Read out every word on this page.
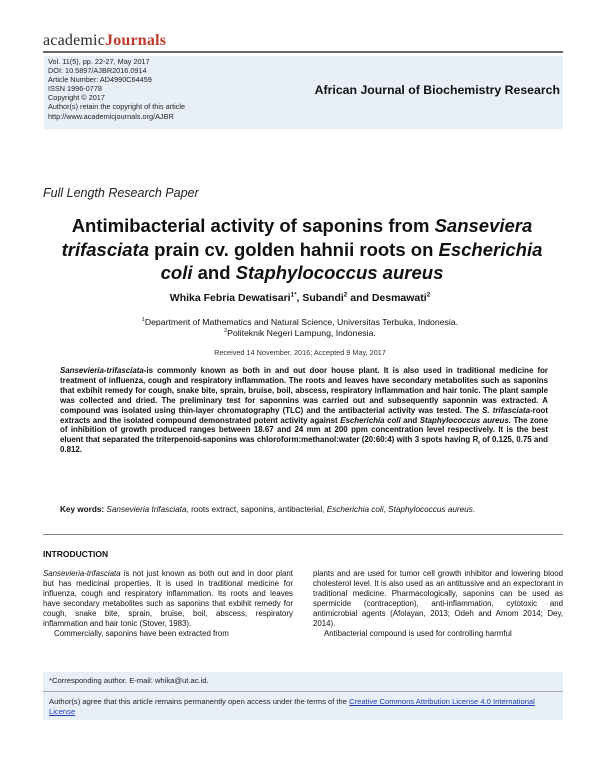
academicJournals
Vol. 11(5), pp. 22-27, May 2017
DOI: 10.5897/AJBR2016.0914
Article Number: AD4990C64459
ISSN 1996-0778
Copyright © 2017
Author(s) retain the copyright of this article
http://www.academicjournals.org/AJBR
African Journal of Biochemistry Research
Full Length Research Paper
Antimibacterial activity of saponins from Sanseviera trifasciata prain cv. golden hahnii roots on Escherichia coli and Staphylococcus aureus
Whika Febria Dewatisari$^{1*}$, Subandi$^2$ and Desmawati$^2$
$^1$Department of Mathematics and Natural Science, Universitas Terbuka, Indonesia.
$^2$Politeknik Negeri Lampung, Indonesia.
Received 14 November, 2016; Accepted 9 May, 2017
Sansevieria-trifasciata-is commonly known as both in and out door house plant. It is also used in traditional medicine for treatment of influenza, cough and respiratory inflammation. The roots and leaves have secondary metabolites such as saponins that exbihit remedy for cough, snake bite, sprain, bruise, boil, abscess, respiratory inflammation and hair tonic. The plant sample was collected and dried. The preliminary test for saponnins was carried out and subsequently saponnin was extracted. A compound was isolated using thin-layer chromatography (TLC) and the antibacterial activity was tested. The S. trifasciata-root extracts and the isolated compound demonstrated potent activity against Escherichia coli and Staphylococcus aureus. The zone of inhibition of growth produced ranges between 18.67 and 24 mm at 200 ppm concentration level respectively. It is the best eluent that separated the triterpenoid-saponins was chloroform:methanol:water (20:60:4) with 3 spots having $R_f$ of 0.125, 0.75 and 0.812.
Key words: Sansevieria trifasciata, roots extract, saponins, antibacterial, Escherichia coli, Staphylococcus aureus.
INTRODUCTION

Sansevieria-trifasciata is not just known as both out and in door plant but has medicinal properties. It is used in traditional medicine for influenza, cough and respiratory inflammation. Its roots and leaves have secondary metabolites such as saponins that exbihit remedy for cough, snake bite, sprain, bruise, boil, abscess, respiratory inflammation and hair tonic (Stover, 1983).

Commercially, saponins have been extracted from

plants and are used for tumor cell growth inhibitor and lowering blood cholesterol level. It is also used as an antitussive and an expectorant in traditional medicine. Pharmacologically, saponins can be used as spermicide (contraception), anti-inflammation, cytotoxic and antimicrobial agents (Afolayan, 2013; Odeh and Amom 2014; Dey, 2014).

Antibacterial compound is used for controlling harmful

*Corresponding author. E-mail: whika@ut.ac.id.
Author(s) agree that this article remains permanently open access under the terms of the Creative Commons Attribution License 4.0 International License
